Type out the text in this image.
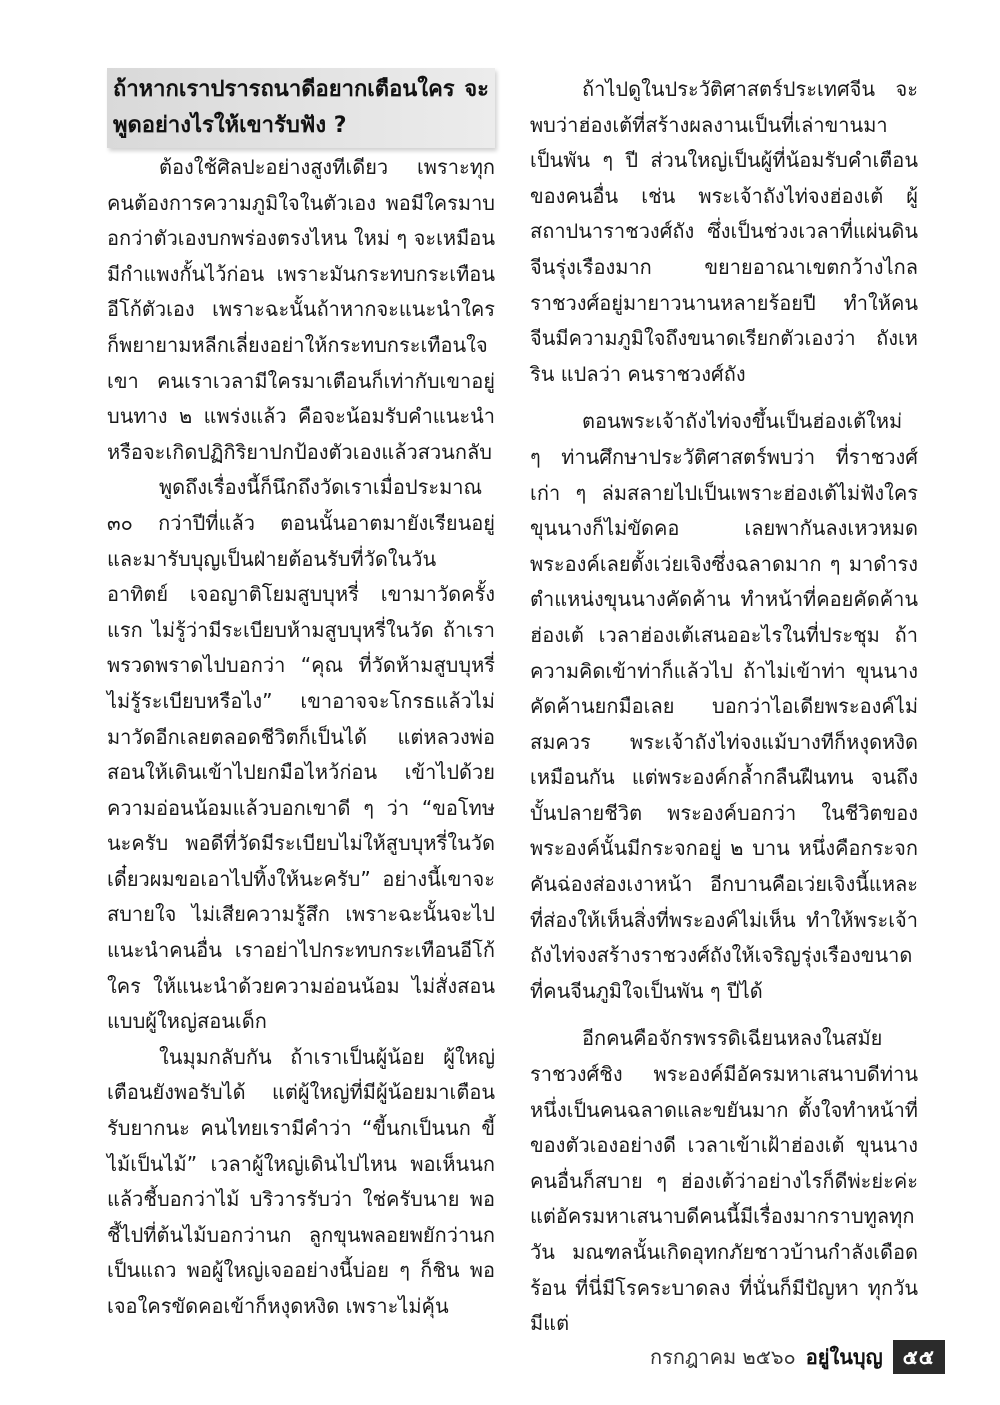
ถ้าหากเราปรารถนาดีอยากเตือนใคร จะพูดอย่างไรให้เขารับฟัง ?

ต้องใช้ศิลปะอย่างสูงทีเดียว เพราะทุกคนต้องการความภูมิใจในตัวเอง พอมีใครมาบอกว่าตัวเองบกพร่องตรงไหน ใหม่ ๆ จะเหมือนมีกำแพงกั้นไว้ก่อน เพราะมันกระทบกระเทือนอีโก้ตัวเอง เพราะฉะนั้นถ้าหากจะแนะนำใครก็พยายามหลีกเลี่ยงอย่าให้กระทบกระเทือนใจเขา คนเราเวลามีใครมาเตือนก็เท่ากับเขาอยู่บนทาง ๒ แพร่งแล้ว คือจะน้อมรับคำแนะนำหรือจะเกิดปฏิกิริยาปกป้องตัวเองแล้วสวนกลับ

พูดถึงเรื่องนี้ก็นึกถึงวัดเราเมื่อประมาณ ๓๐ กว่าปีที่แล้ว ตอนนั้นอาตมายังเรียนอยู่ และมารับบุญเป็นฝ่ายต้อนรับที่วัดในวันอาทิตย์ เจอญาติโยมสูบบุหรี่ เขามาวัดครั้งแรก ไม่รู้ว่ามีระเบียบห้ามสูบบุหรี่ในวัด ถ้าเราพรวดพราดไปบอกว่า “คุณ ที่วัดห้ามสูบบุหรี่ ไม่รู้ระเบียบหรือไง” เขาอาจจะโกรธแล้วไม่มาวัดอีกเลยตลอดชีวิตก็เป็นได้ แต่หลวงพ่อสอนให้เดินเข้าไปยกมือไหว้ก่อน เข้าไปด้วยความอ่อนน้อมแล้วบอกเขาดี ๆ ว่า “ขอโทษนะครับ พอดีที่วัดมีระเบียบไม่ให้สูบบุหรี่ในวัด เดี๋ยวผมขอเอาไปทิ้งให้นะครับ” อย่างนี้เขาจะสบายใจ ไม่เสียความรู้สึก เพราะฉะนั้นจะไปแนะนำคนอื่น เราอย่าไปกระทบกระเทือนอีโก้ใคร ให้แนะนำด้วยความอ่อนน้อม ไม่สั่งสอนแบบผู้ใหญ่สอนเด็ก

ในมุมกลับกัน ถ้าเราเป็นผู้น้อย ผู้ใหญ่เตือนยังพอรับได้ แต่ผู้ใหญ่ที่มีผู้น้อยมาเตือนรับยากนะ คนไทยเรามีคำว่า “ขี้นกเป็นนก ขี้ไม้เป็นไม้” เวลาผู้ใหญ่เดินไปไหน พอเห็นนกแล้วชี้บอกว่าไม้ บริวารรับว่า ใช่ครับนาย พอชี้ไปที่ต้นไม้บอกว่านก ลูกขุนพลอยพยักว่านกเป็นแถว พอผู้ใหญ่เจออย่างนี้บ่อย ๆ ก็ชิน พอเจอใครขัดคอเข้าก็หงุดหงิด เพราะไม่คุ้น

ถ้าไปดูในประวัติศาสตร์ประเทศจีน จะพบว่าฮ่องเต้ที่สร้างผลงานเป็นที่เล่าขานมาเป็นพัน ๆ ปี ส่วนใหญ่เป็นผู้ที่น้อมรับคำเตือนของคนอื่น เช่น พระเจ้าถังไท่จงฮ่องเต้ ผู้สถาปนาราชวงศ์ถัง ซึ่งเป็นช่วงเวลาที่แผ่นดินจีนรุ่งเรืองมาก ขยายอาณาเขตกว้างไกล ราชวงศ์อยู่มายาวนานหลายร้อยปี ทำให้คนจีนมีความภูมิใจถึงขนาดเรียกตัวเองว่า ถังเหริน แปลว่า คนราชวงศ์ถัง

ตอนพระเจ้าถังไท่จงขึ้นเป็นฮ่องเต้ใหม่ ๆ ท่านศึกษาประวัติศาสตร์พบว่า ที่ราชวงศ์เก่า ๆ ล่มสลายไปเป็นเพราะฮ่องเต้ไม่ฟังใคร ขุนนางก็ไม่ขัดคอ เลยพากันลงเหวหมด พระองค์เลยตั้งเว่ยเจิงซึ่งฉลาดมาก ๆ มาดำรงตำแหน่งขุนนางคัดค้าน ทำหน้าที่คอยคัดค้านฮ่องเต้ เวลาฮ่องเต้เสนออะไรในที่ประชุม ถ้าความคิดเข้าท่าก็แล้วไป ถ้าไม่เข้าท่า ขุนนางคัดค้านยกมือเลย บอกว่าไอเดียพระองค์ไม่สมควร พระเจ้าถังไท่จงแม้บางทีก็หงุดหงิดเหมือนกัน แต่พระองค์กล้ำกลืนฝืนทน จนถึงบั้นปลายชีวิต พระองค์บอกว่า ในชีวิตของพระองค์นั้นมีกระจกอยู่ ๒ บาน หนึ่งคือกระจกคันฉ่องส่องเงาหน้า อีกบานคือเว่ยเจิงนี้แหละที่ส่องให้เห็นสิ่งที่พระองค์ไม่เห็น ทำให้พระเจ้าถังไท่จงสร้างราชวงศ์ถังให้เจริญรุ่งเรืองขนาดที่คนจีนภูมิใจเป็นพัน ๆ ปีได้

อีกคนคือจักรพรรดิเฉียนหลงในสมัยราชวงศ์ชิง พระองค์มีอัครมหาเสนาบดีท่านหนึ่งเป็นคนฉลาดและขยันมาก ตั้งใจทำหน้าที่ของตัวเองอย่างดี เวลาเข้าเฝ้าฮ่องเต้ ขุนนางคนอื่นก็สบาย ๆ ฮ่องเต้ว่าอย่างไรก็ดีพ่ะย่ะค่ะ แต่อัครมหาเสนาบดีคนนี้มีเรื่องมากราบทูลทุกวัน มณฑลนั้นเกิดอุทกภัยชาวบ้านกำลังเดือดร้อน ที่นี่มีโรคระบาดลง ที่นั่นก็มีปัญหา ทุกวันมีแต่

กรกฎาคม ๒๕๖๐ อยู่ในบุญ	๕๕
